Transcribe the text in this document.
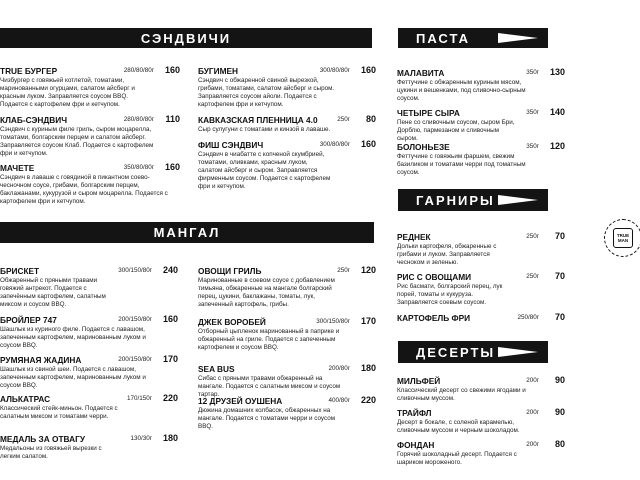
СЭНДВИЧИ
МАНГАЛ
ПАСТА
ГАРНИРЫ
ДЕСЕРТЫ
TRUE MAN
TRUE БУРГЕР	280/80/80г	160
Чизбургер с говяжьей котлетой, томатами, маринованными огурцами, салатом айсберг и красным луком. Заправляется соусом BBQ. Подается с картофелем фри и кетчупом.
КЛАБ-СЭНДВИЧ	280/80/80г	110
Сэндвич с куриным филе гриль, сыром моцарелла, томатами, болгарским перцем и салатом айсберг. Заправляется соусом Клаб. Подается с картофелем фри и кетчупом.
МАЧЕТЕ	350/80/80г	160
Сэндвич в лаваше с говядиной в пикантном соево-чесночном соусе, грибами, болгарским перцем, баклажанами, кукурузой и сыром моцарелла. Подается с картофелем фри и кетчупом.
БУГИМЕН	300/80/80г	160
Сэндвич с обжаренной свиной вырезкой, грибами, томатами, салатом айсберг и сыром. Заправляется соусом айоли. Подается с картофелем фри и кетчупом.
КАВКАЗСКАЯ ПЛЕННИЦА 4.0	250г	80
Сыр сулугуни с томатами и кинзой в лаваше.
ФИШ СЭНДВИЧ	300/80/80г	160
Сэндвич в чиабатте с копченой скумбрией, томатами, оливками, красным луком, салатом айсберг и сыром. Заправляется фирменным соусом. Подается с картофелем фри и кетчупом.
БРИСКЕТ	300/150/80г	240
Обжаренный с пряными травами говяжий антрекот. Подается с запечённым картофелем, салатным миксом и соусом BBQ.
БРОЙЛЕР 747	200/150/80г	160
Шашлык из куриного филе. Подается с лавашом, запеченным картофелем, маринованным луком и соусом BBQ.
РУМЯНАЯ ЖАДИНА	200/150/80г	170
Шашлык из свиной шеи. Подается с лавашом, запеченным картофелем, маринованным луком и соусом BBQ.
АЛЬКАТРАС	170/150г	220
Классический стейк-миньон. Подается с салатным миксом и томатами черри.
МЕДАЛЬ ЗА ОТВАГУ	130/30г	180
Медальоны из говяжьей вырезки с легким салатом.
ОВОЩИ ГРИЛЬ	250г	120
Маринованные в соевом соусе с добавлением тимьяна, обжаренные на мангале болгарский перец, цукини, баклажаны, томаты, лук, запеченный картофель, грибы.
ДЖЕК ВОРОБЕЙ	300/150/80г	170
Отборный цыпленок маринованный в паприке и обжаренный на гриле. Подается с запеченным картофелем и соусом BBQ.
SEA BUS	200/80г	180
Сибас с пряными травами обжаренный на мангале. Подается с салатным миксом и соусом тартар.
12 ДРУЗЕЙ ОУШЕНА	400/80г	220
Дюжина домашних колбасок, обжаренных на мангале. Подается с томатами черри и соусом BBQ.
МАЛАВИТА	350г	130
Феттучине с обжаренным куриным мясом, цукини и вешенками, под сливочно-сырным соусом.
ЧЕТЫРЕ СЫРА	350г	140
Пене со сливочным соусом, сыром Бри, Дорблю, пармезаном и сливочным сыром.
БОЛОНЬЕЗЕ	350г	120
Феттучине с говяжьим фаршем, свежим базиликом и томатами черри под томатным соусом.
РЕДНЕК	250г	70
Дольки картофеля, обжаренные с грибами и луком. Заправляется чесноком и зеленью.
РИС С ОВОЩАМИ	250г	70
Рис басмати, болгарский перец, лук порей, томаты и кукуруза. Заправляется соевым соусом.
КАРТОФЕЛЬ ФРИ	250/80г	70
МИЛЬФЕЙ	200г	90
Классический десерт со свежими ягодами и сливочным муссом.
ТРАЙФЛ	200г	90
Десерт в бокале, с соленой карамелью, сливочным муссом и черным шоколадом.
ФОНДАН	200г	80
Горячий шоколадный десерт. Подается с шариком мороженого.
